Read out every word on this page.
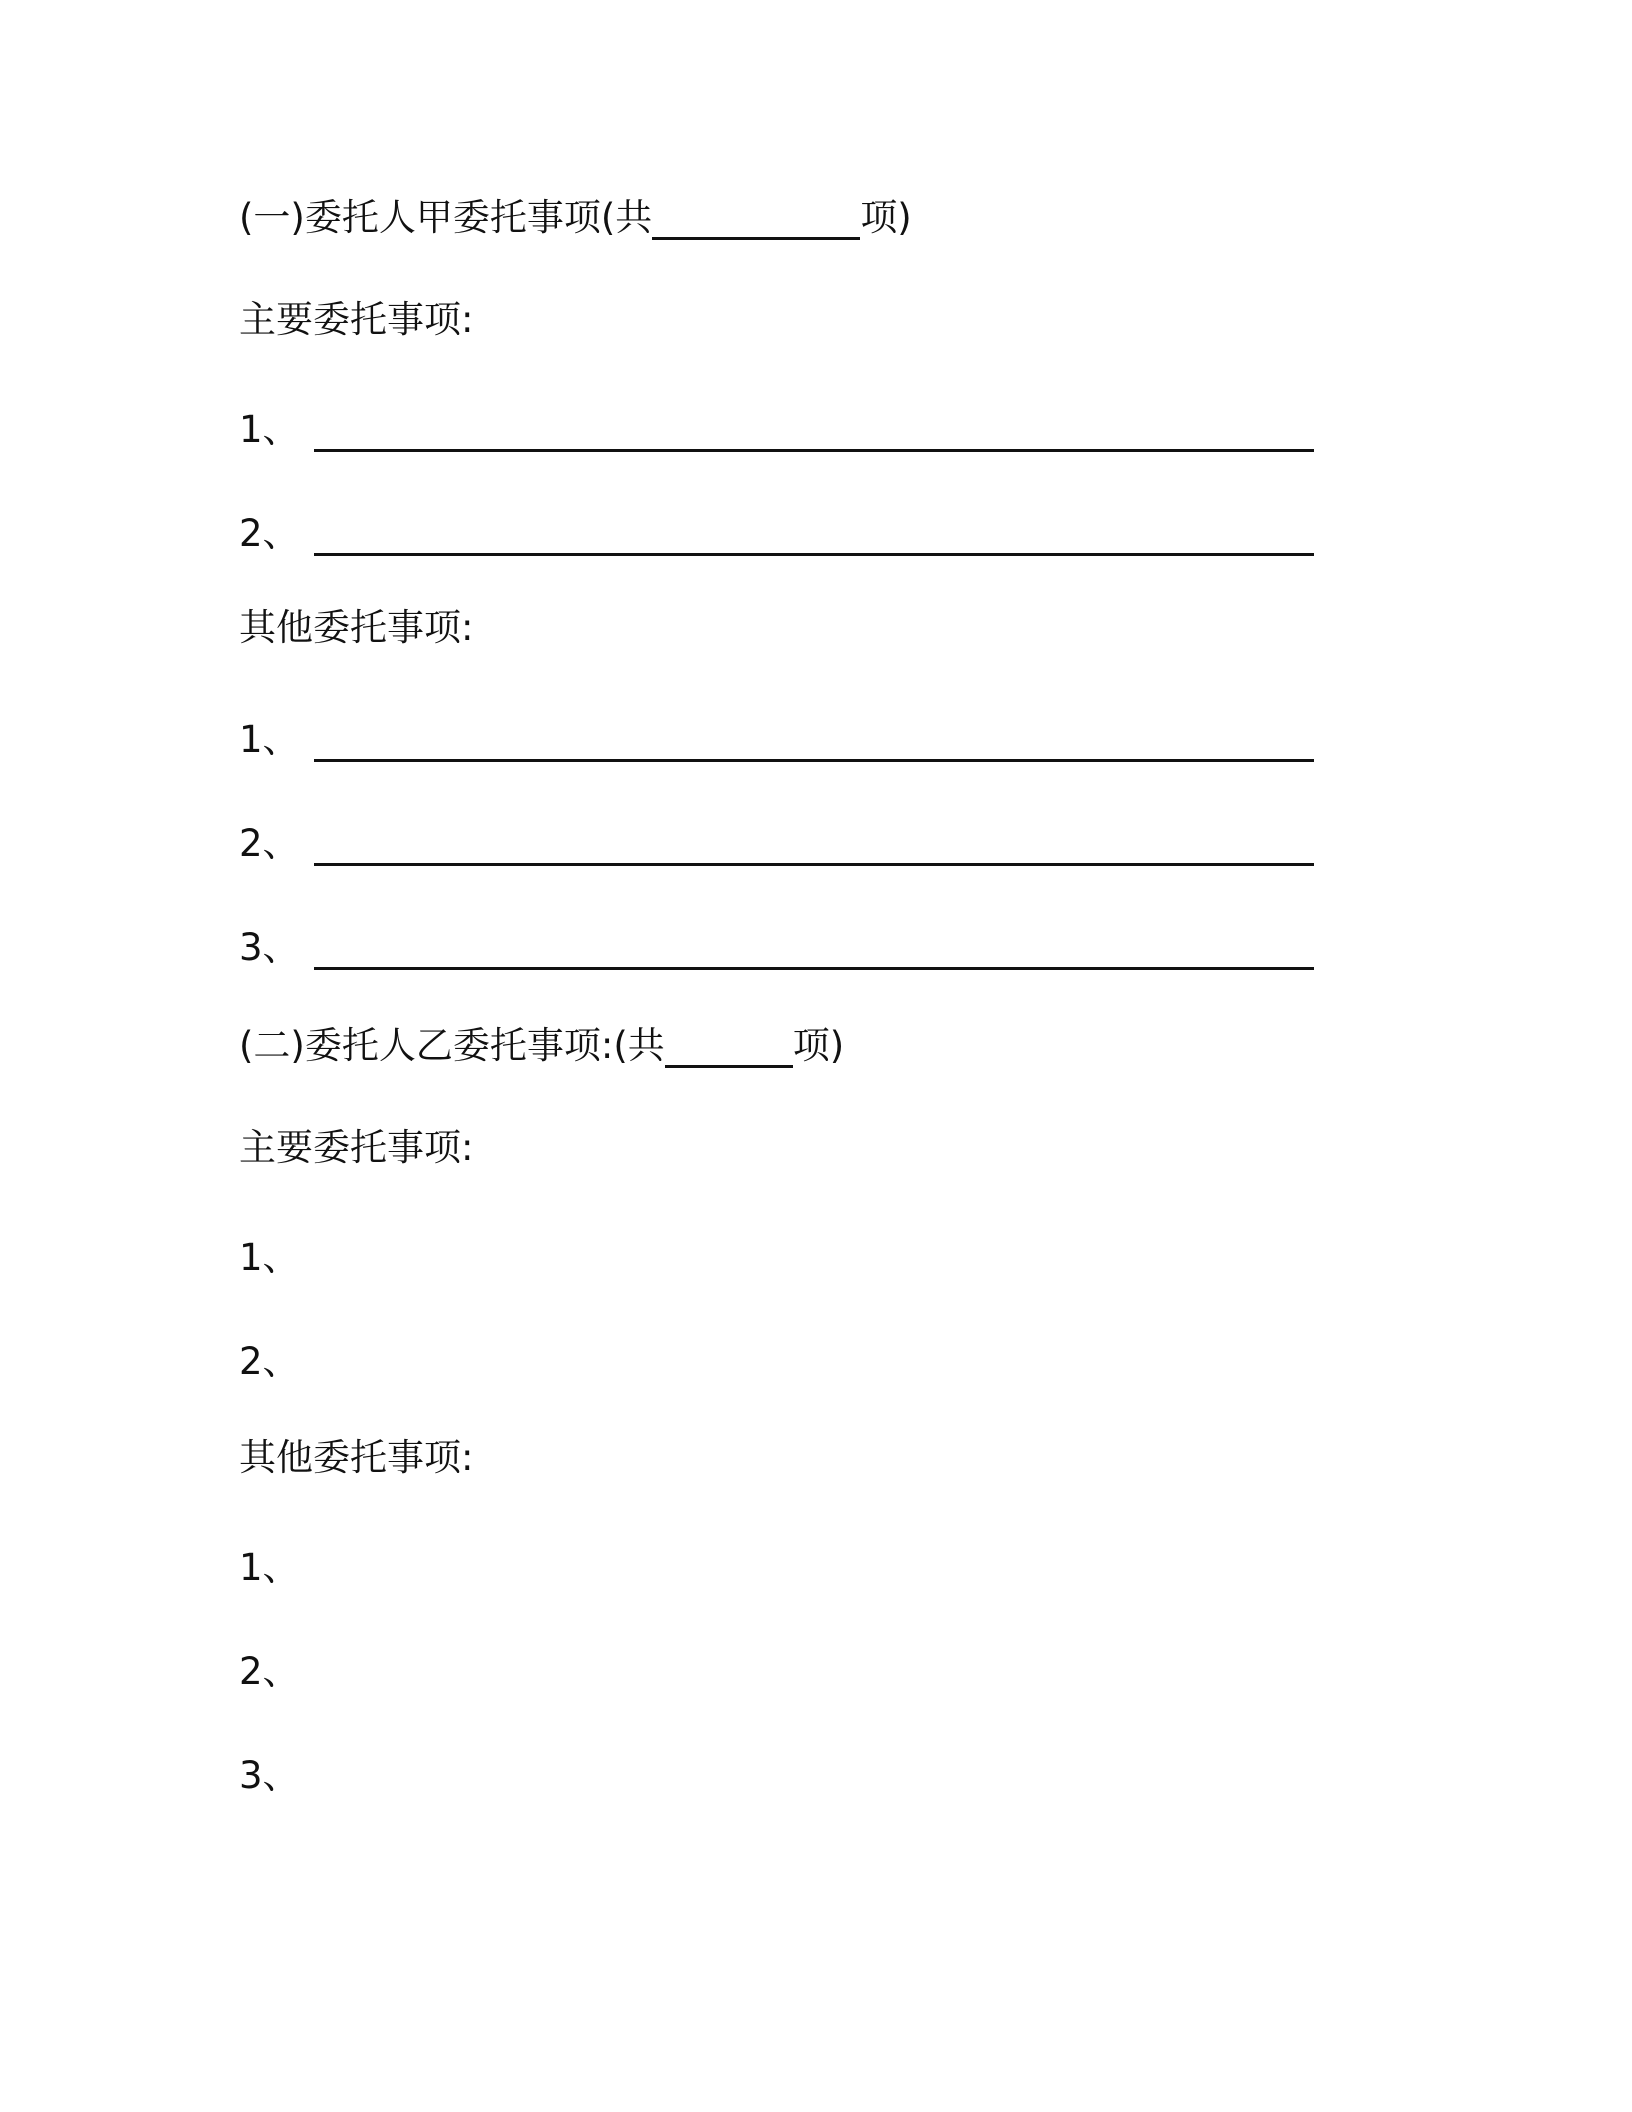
(一)委托人甲委托事项(共	项)
主要委托事项:
1、
2、
其他委托事项:
1、
2、
3、
(二)委托人乙委托事项:(共	项)
主要委托事项:
1、
2、
其他委托事项:
1、
2、
3、
